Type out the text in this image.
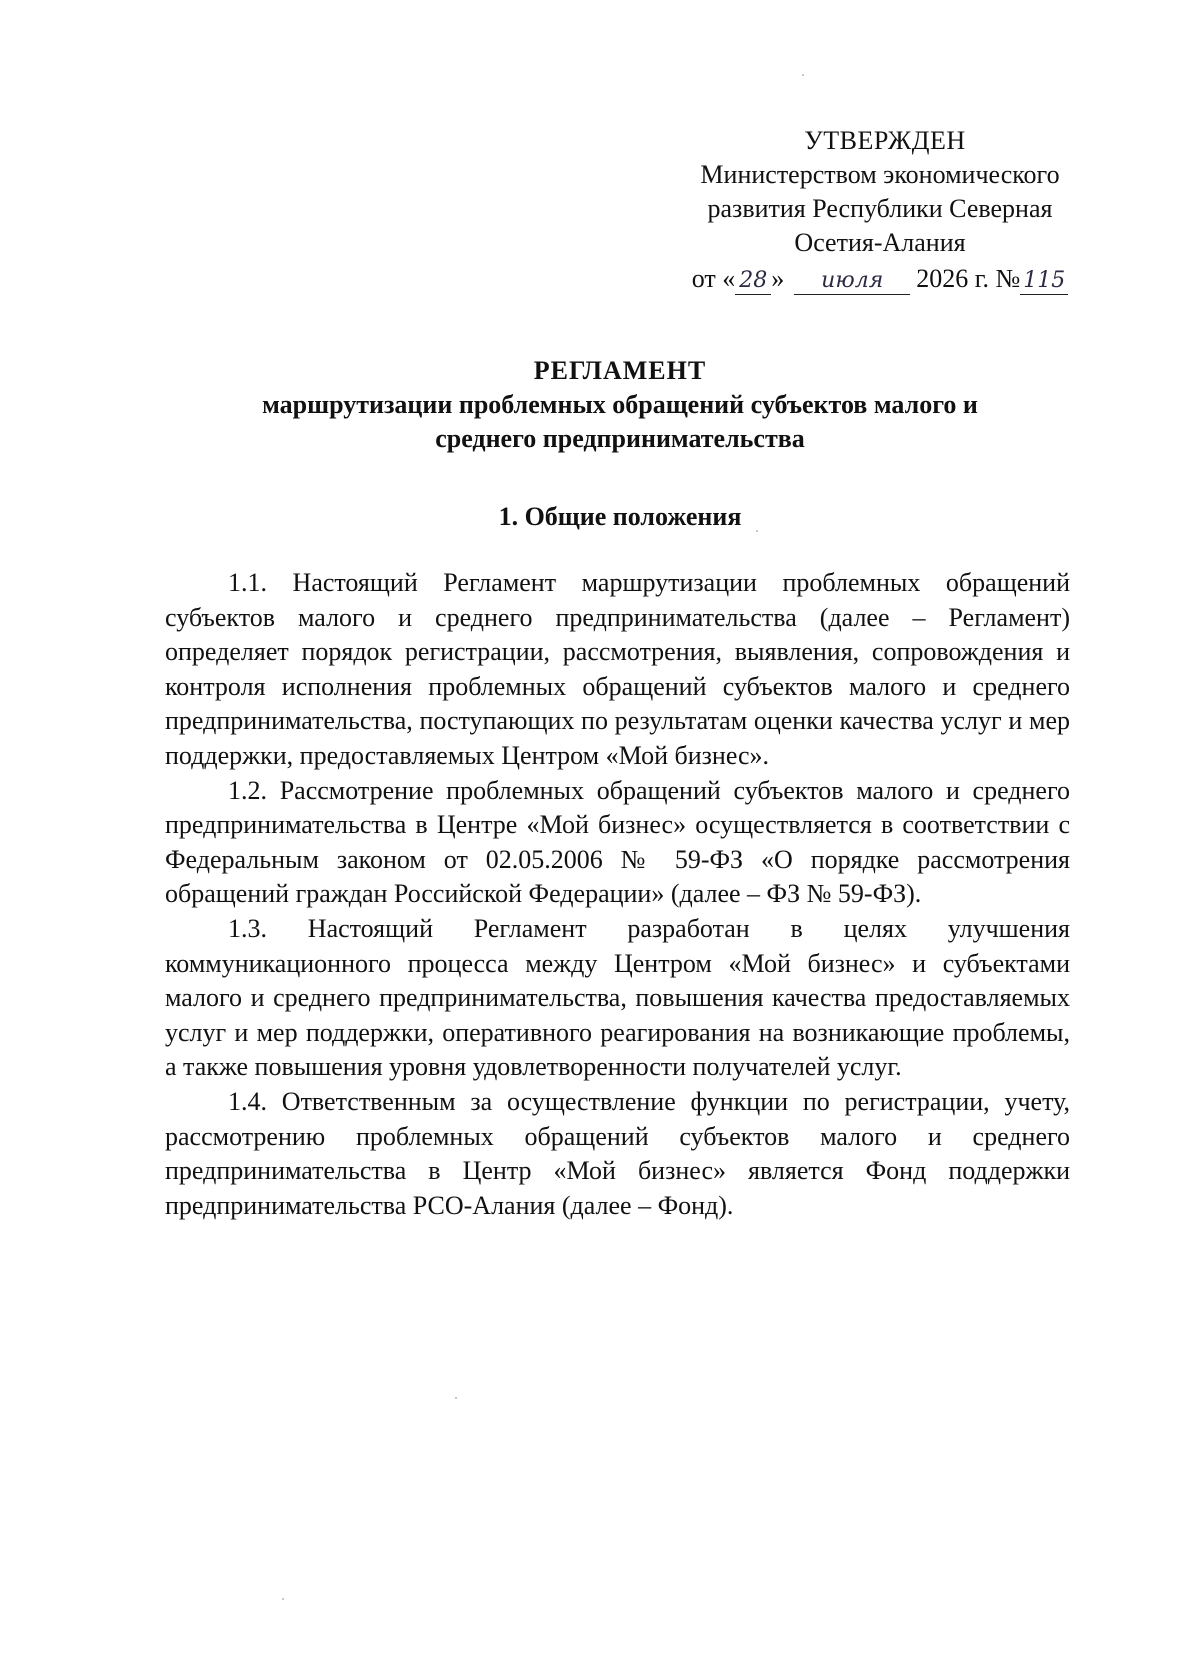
УТВЕРЖДЕН
Министерством экономического
развития Республики Северная
Осетия-Алания
от « 28 » июля 2026 г. № 115
РЕГЛАМЕНТ
маршрутизации проблемных обращений субъектов малого и среднего предпринимательства
1. Общие положения

1.1. Настоящий Регламент маршрутизации проблемных обращений субъектов малого и среднего предпринимательства (далее – Регламент) определяет порядок регистрации, рассмотрения, выявления, сопровождения и контроля исполнения проблемных обращений субъектов малого и среднего предпринимательства, поступающих по результатам оценки качества услуг и мер поддержки, предоставляемых Центром «Мой бизнес».

1.2. Рассмотрение проблемных обращений субъектов малого и среднего предпринимательства в Центре «Мой бизнес» осуществляется в соответствии с Федеральным законом от 02.05.2006 № 59-ФЗ «О порядке рассмотрения обращений граждан Российской Федерации» (далее – ФЗ № 59-ФЗ).

1.3. Настоящий Регламент разработан в целях улучшения коммуникационного процесса между Центром «Мой бизнес» и субъектами малого и среднего предпринимательства, повышения качества предоставляемых услуг и мер поддержки, оперативного реагирования на возникающие проблемы, а также повышения уровня удовлетворенности получателей услуг.

1.4. Ответственным за осуществление функции по регистрации, учету, рассмотрению проблемных обращений субъектов малого и среднего предпринимательства в Центр «Мой бизнес» является Фонд поддержки предпринимательства РСО-Алания (далее – Фонд).
